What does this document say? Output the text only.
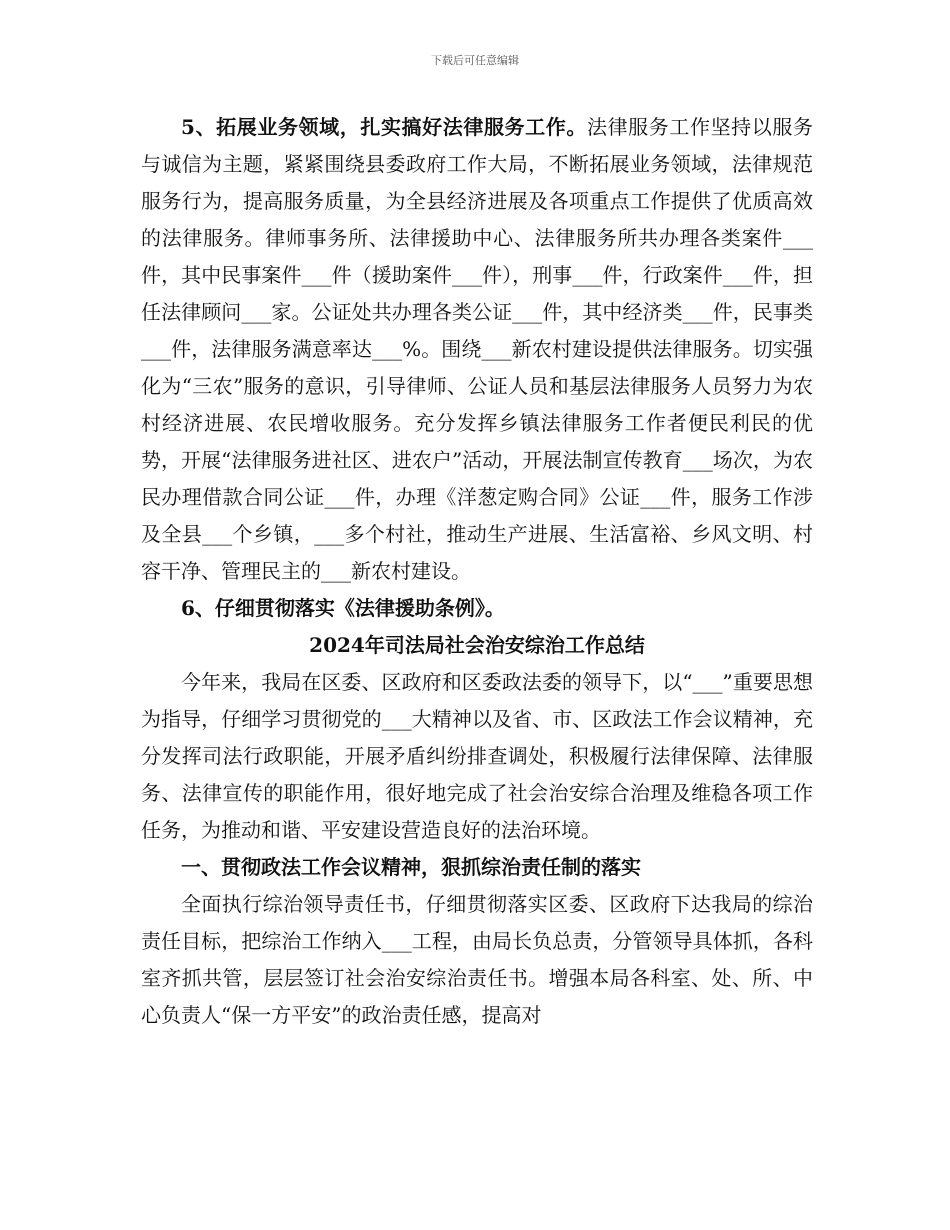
下载后可任意编辑

5、拓展业务领域，扎实搞好法律服务工作。法律服务工作坚持以服务与诚信为主题，紧紧围绕县委政府工作大局，不断拓展业务领域，法律规范服务行为，提高服务质量，为全县经济进展及各项重点工作提供了优质高效的法律服务。律师事务所、法律援助中心、法律服务所共办理各类案件___件，其中民事案件___件（援助案件___件），刑事___件，行政案件___件，担任法律顾问___家。公证处共办理各类公证___件，其中经济类___件，民事类___件，法律服务满意率达___%。围绕___新农村建设提供法律服务。切实强化为“三农”服务的意识，引导律师、公证人员和基层法律服务人员努力为农村经济进展、农民增收服务。充分发挥乡镇法律服务工作者便民利民的优势，开展“法律服务进社区、进农户”活动，开展法制宣传教育___场次，为农民办理借款合同公证___件，办理《洋葱定购合同》公证___件，服务工作涉及全县___个乡镇，___多个村社，推动生产进展、生活富裕、乡风文明、村容干净、管理民主的___新农村建设。

6、仔细贯彻落实《法律援助条例》。

2024年司法局社会治安综治工作总结

今年来，我局在区委、区政府和区委政法委的领导下，以“___”重要思想为指导，仔细学习贯彻党的___大精神以及省、市、区政法工作会议精神，充分发挥司法行政职能，开展矛盾纠纷排查调处，积极履行法律保障、法律服务、法律宣传的职能作用，很好地完成了社会治安综合治理及维稳各项工作任务，为推动和谐、平安建设营造良好的法治环境。

一、贯彻政法工作会议精神，狠抓综治责任制的落实

全面执行综治领导责任书，仔细贯彻落实区委、区政府下达我局的综治责任目标，把综治工作纳入___工程，由局长负总责，分管领导具体抓，各科室齐抓共管，层层签订社会治安综治责任书。增强本局各科室、处、所、中心负责人“保一方平安”的政治责任感，提高对
